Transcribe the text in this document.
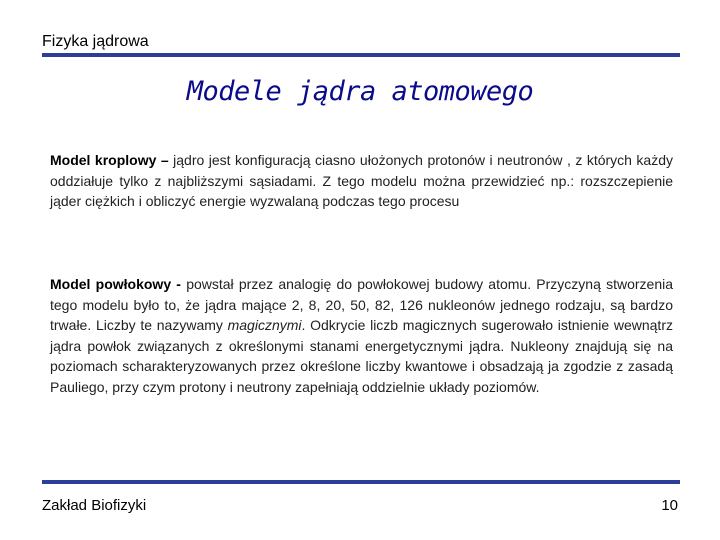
Fizyka jądrowa
Modele jądra atomowego
Model kroplowy – jądro jest konfiguracją ciasno ułożonych protonów i neutronów , z których każdy oddziałuje tylko z najbliższymi sąsiadami. Z tego modelu można przewidzieć np.: rozszczepienie jąder ciężkich i obliczyć energie wyzwalaną podczas tego procesu
Model powłokowy - powstał przez analogię do powłokowej budowy atomu. Przyczyną stworzenia tego modelu było to, że jądra mające 2, 8, 20, 50, 82, 126 nukleonów jednego rodzaju, są bardzo trwałe. Liczby te nazywamy magicznymi. Odkrycie liczb magicznych sugerowało istnienie wewnątrz jądra powłok związanych z określonymi stanami energetycznymi jądra. Nukleony znajdują się na poziomach scharakteryzowanych przez określone liczby kwantowe i obsadzają ja zgodzie z zasadą Pauliego, przy czym protony i neutrony zapełniają oddzielnie układy poziomów.
Zakład Biofizyki	10
